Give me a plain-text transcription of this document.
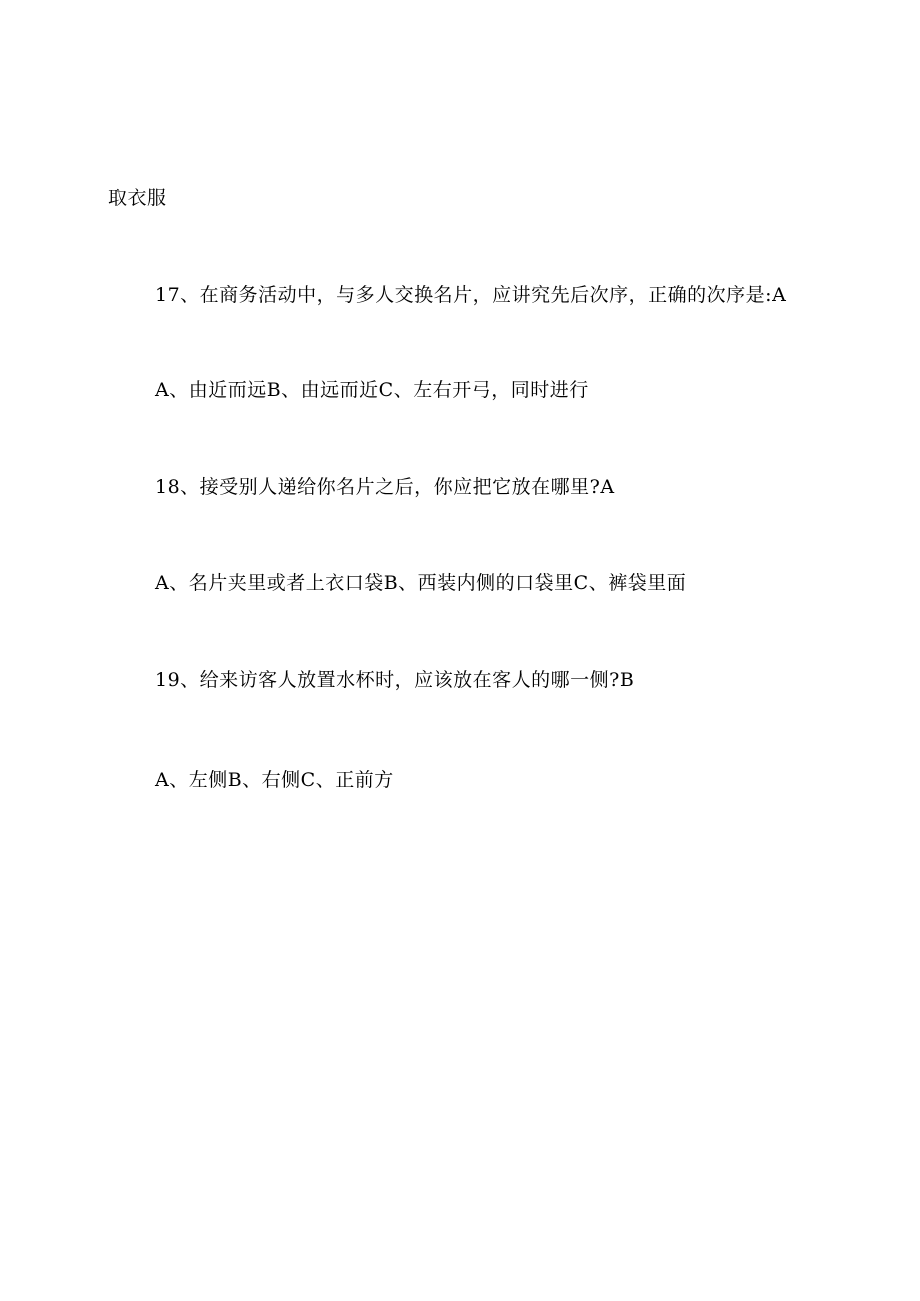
取衣服
17、在商务活动中，与多人交换名片，应讲究先后次序，正确的次序是:A
A、由近而远B、由远而近C、左右开弓，同时进行
18、接受别人递给你名片之后，你应把它放在哪里?A
A、名片夹里或者上衣口袋B、西装内侧的口袋里C、裤袋里面
19、给来访客人放置水杯时，应该放在客人的哪一侧?B
A、左侧B、右侧C、正前方
